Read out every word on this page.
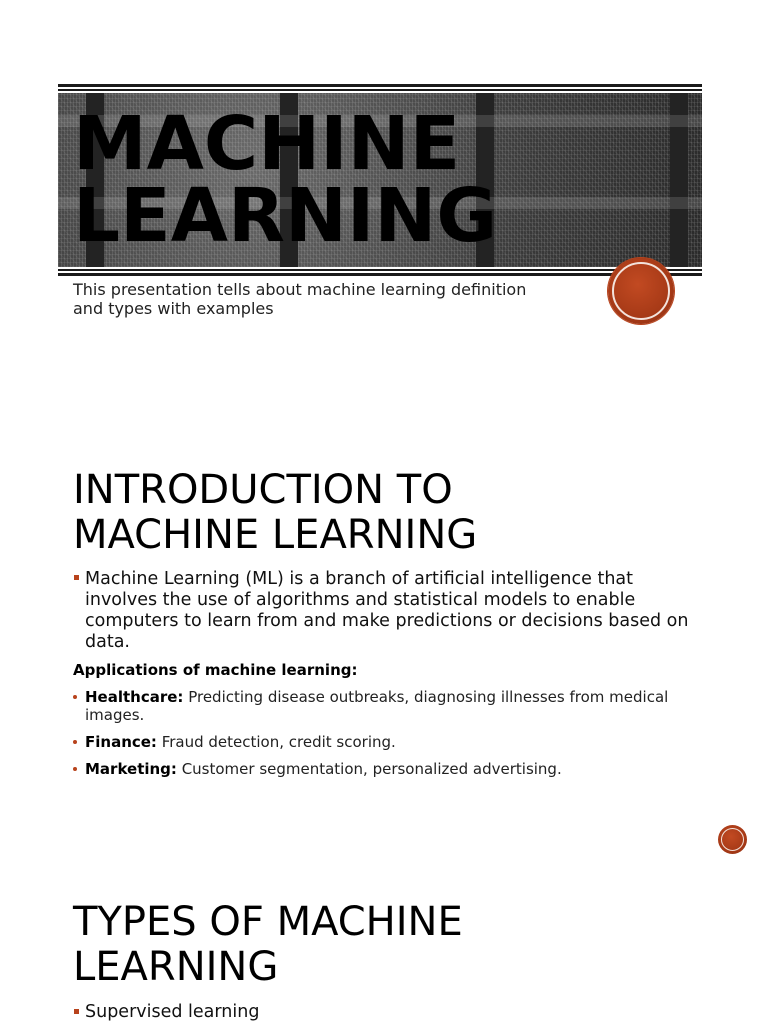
MACHINE
LEARNING

This presentation tells about machine learning definition and types with examples

INTRODUCTION TO
MACHINE LEARNING

Machine Learning (ML) is a branch of artificial intelligence that involves the use of algorithms and statistical models to enable computers to learn from and make predictions or decisions based on data.

Applications of machine learning:

Healthcare: Predicting disease outbreaks, diagnosing illnesses from medical images.

Finance: Fraud detection, credit scoring.

Marketing: Customer segmentation, personalized advertising.

TYPES OF MACHINE
LEARNING

Supervised learning
